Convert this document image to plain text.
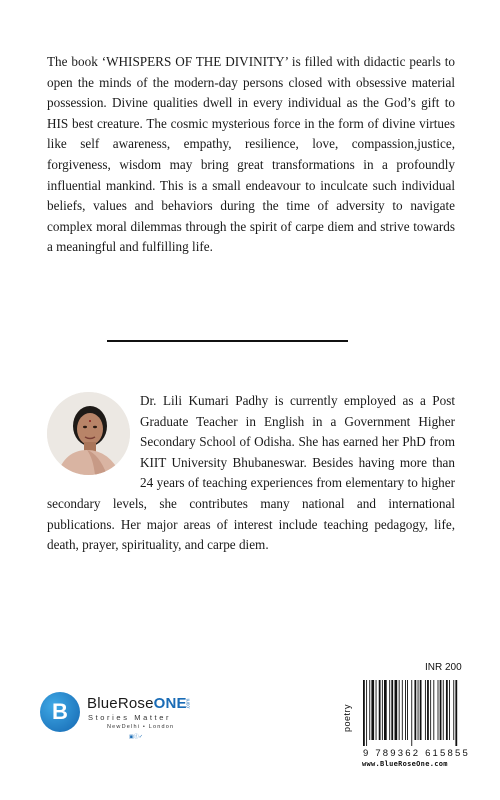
The book ‘WHISPERS OF THE DIVINITY’ is filled with didactic pearls to open the minds of the modern-day persons closed with obsessive material possession. Divine qualities dwell in every individual as the God’s gift to HIS best creature. The cosmic mysterious force in the form of divine virtues like self awareness, empathy, resilience, love, compassion,justice, forgiveness, wisdom may bring great transformations in a profoundly influential mankind. This is a small endeavour to inculcate such individual beliefs, values and behaviors during the time of adversity to navigate complex moral dilemmas through the spirit of carpe diem and strive towards a meaningful and fulfilling life.

Dr. Lili Kumari Padhy is currently employed as a Post Graduate Teacher in English in a Government Higher Secondary School of Odisha. She has earned her PhD from KIIT University Bhubaneswar. Besides having more than 24 years of teaching experiences from elementary to higher secondary levels, she contributes many national and international publications. Her major areas of interest include teaching pedagogy, life, death, prayer, spirituality, and carpe diem.

B	BlueRoseONE
.com
Stories Matter
NewDelhi • London
▣ⓕ✓
INR 200
poetry
9 789362 615855
www.BlueRoseOne.com
